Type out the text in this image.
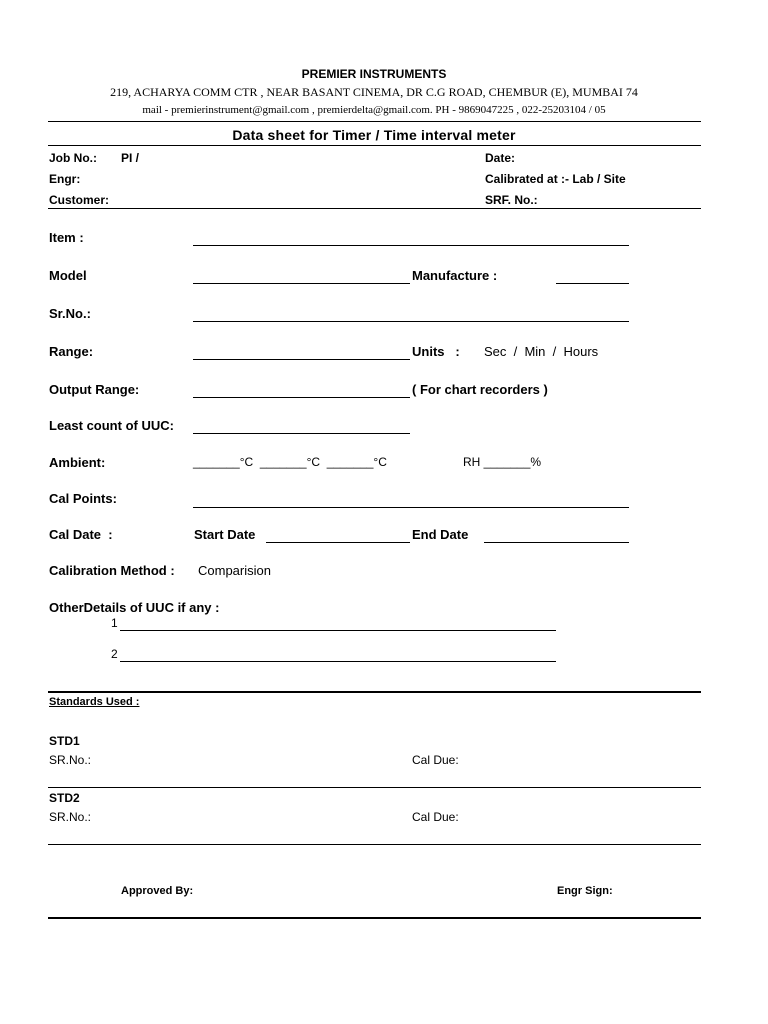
PREMIER INSTRUMENTS
219, ACHARYA COMM CTR , NEAR BASANT CINEMA, DR C.G ROAD, CHEMBUR (E), MUMBAI 74
mail - premierinstrument@gmail.com , premierdelta@gmail.com. PH - 9869047225 , 022-25203104 / 05
Data sheet for Timer / Time interval meter
Job No.: PI /	Date:
Engr:	Calibrated at :- Lab / Site
Customer:	SRF. No.:
Item :
Model	Manufacture :
Sr.No.:
Range:	Units   : Sec  /  Min  /  Hours
Output Range:	( For chart recorders )
Least count of UUC:
Ambient:	_______°C  _______°C  _______°C	RH _______%
Cal Points:
Cal Date  :	Start Date	End Date
Calibration Method : Comparision
OtherDetails of UUC if any :
1
2
Standards Used :
STD1
SR.No.:	Cal Due:
STD2
SR.No.:	Cal Due:
Approved By:	Engr Sign:
